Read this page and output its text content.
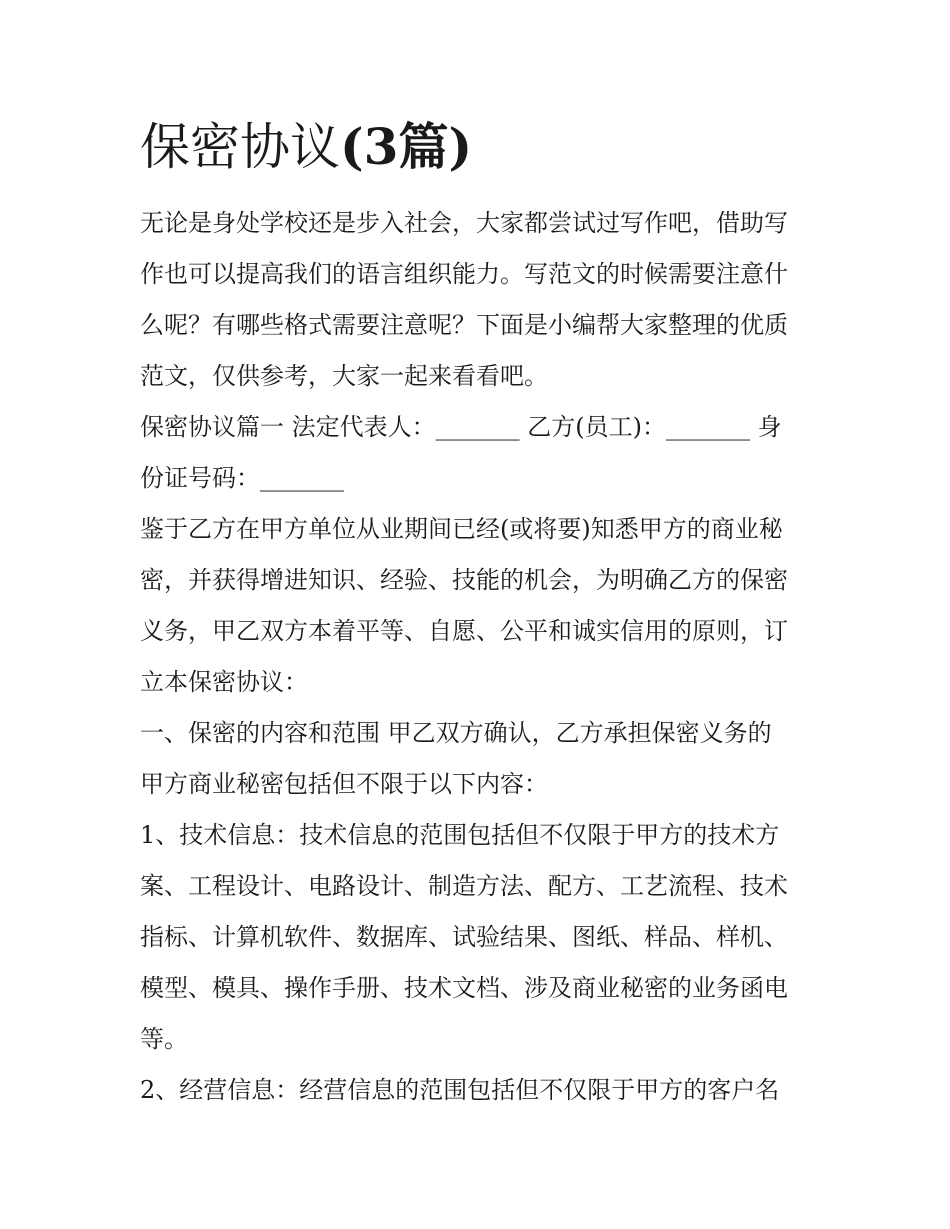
保密协议(3篇)

无论是身处学校还是步入社会，大家都尝试过写作吧，借助写

作也可以提高我们的语言组织能力。写范文的时候需要注意什

么呢？有哪些格式需要注意呢？下面是小编帮大家整理的优质

范文，仅供参考，大家一起来看看吧。

保密协议篇一 法定代表人：_______ 乙方(员工)：_______ 身

份证号码：_______

鉴于乙方在甲方单位从业期间已经(或将要)知悉甲方的商业秘

密，并获得增进知识、经验、技能的机会，为明确乙方的保密

义务，甲乙双方本着平等、自愿、公平和诚实信用的原则，订

立本保密协议：

一、保密的内容和范围 甲乙双方确认，乙方承担保密义务的

甲方商业秘密包括但不限于以下内容：

1、技术信息：技术信息的范围包括但不仅限于甲方的技术方

案、工程设计、电路设计、制造方法、配方、工艺流程、技术

指标、计算机软件、数据库、试验结果、图纸、样品、样机、

模型、模具、操作手册、技术文档、涉及商业秘密的业务函电

等。

2、经营信息：经营信息的范围包括但不仅限于甲方的客户名
